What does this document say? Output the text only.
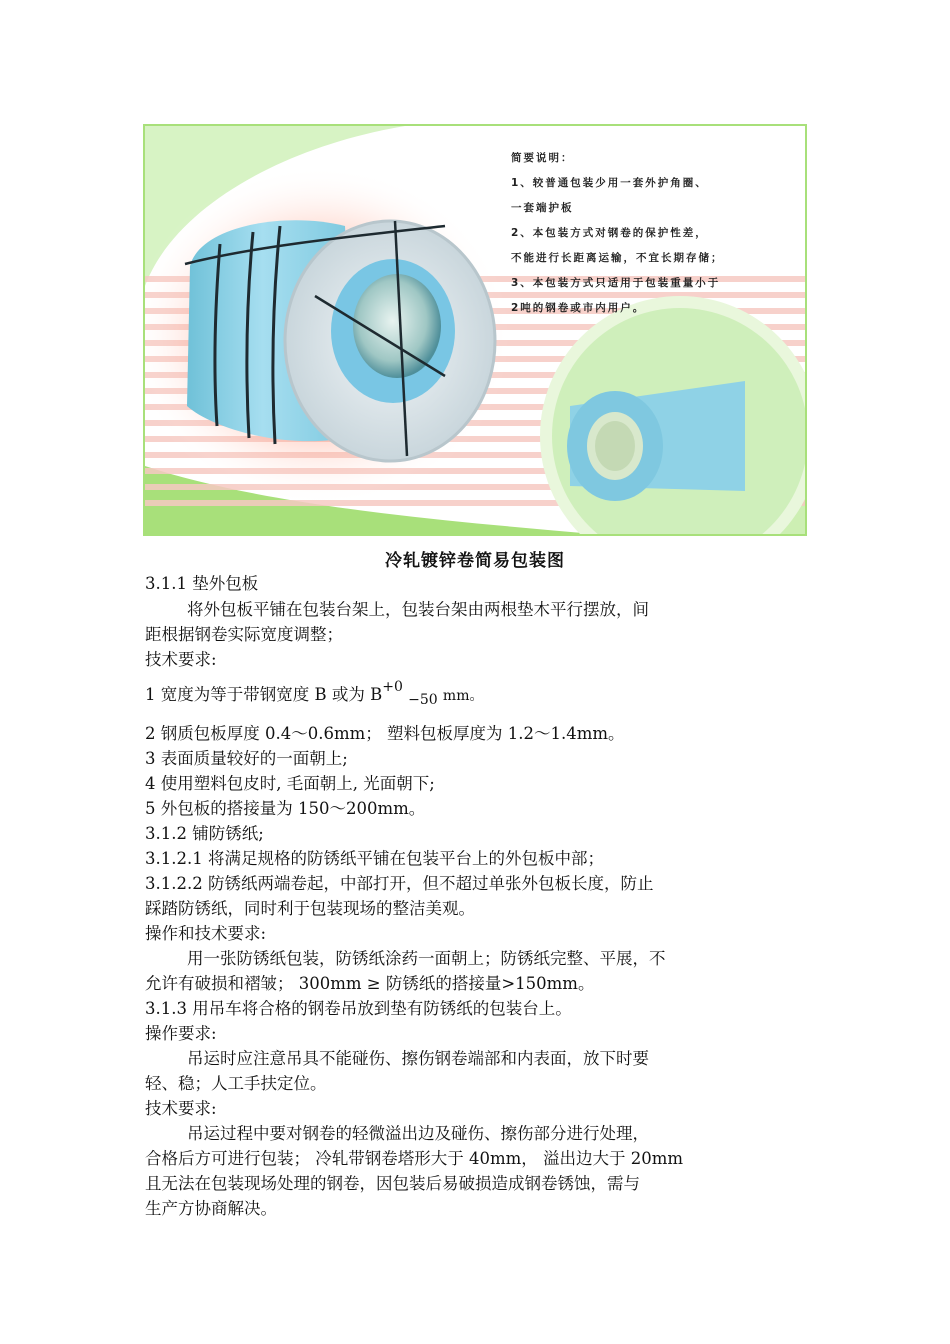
简要说明：
1、较普通包装少用一套外护角圈、
一套端护板
2、本包装方式对钢卷的保护性差，
不能进行长距离运输，不宜长期存储；
3、本包装方式只适用于包装重量小于
2吨的钢卷或市内用户。
冷轧镀锌卷简易包装图
3.1.1 垫外包板
将外包板平铺在包装台架上，包装台架由两根垫木平行摆放，间
距根据钢卷实际宽度调整；
技术要求:
1 宽度为等于带钢宽度 B 或为 $B^{+0}$ $_{-50}$ mm。
2 钢质包板厚度 0.4～0.6mm； 塑料包板厚度为 1.2～1.4mm。
3 表面质量较好的一面朝上;
4 使用塑料包皮时, 毛面朝上, 光面朝下;
5 外包板的搭接量为 150～200mm。
3.1.2 铺防锈纸;
3.1.2.1 将满足规格的防锈纸平铺在包装平台上的外包板中部；
3.1.2.2 防锈纸两端卷起，中部打开，但不超过单张外包板长度，防止
踩踏防锈纸，同时利于包装现场的整洁美观。
操作和技术要求:
用一张防锈纸包装，防锈纸涂药一面朝上；防锈纸完整、平展，不
允许有破损和褶皱； 300mm ≥ 防锈纸的搭接量>150mm。
3.1.3 用吊车将合格的钢卷吊放到垫有防锈纸的包装台上。
操作要求:
吊运时应注意吊具不能碰伤、擦伤钢卷端部和内表面，放下时要
轻、稳；人工手扶定位。
技术要求:
吊运过程中要对钢卷的轻微溢出边及碰伤、擦伤部分进行处理，
合格后方可进行包装； 冷轧带钢卷塔形大于 40mm， 溢出边大于 20mm
且无法在包装现场处理的钢卷，因包装后易破损造成钢卷锈蚀，需与
生产方协商解决。
